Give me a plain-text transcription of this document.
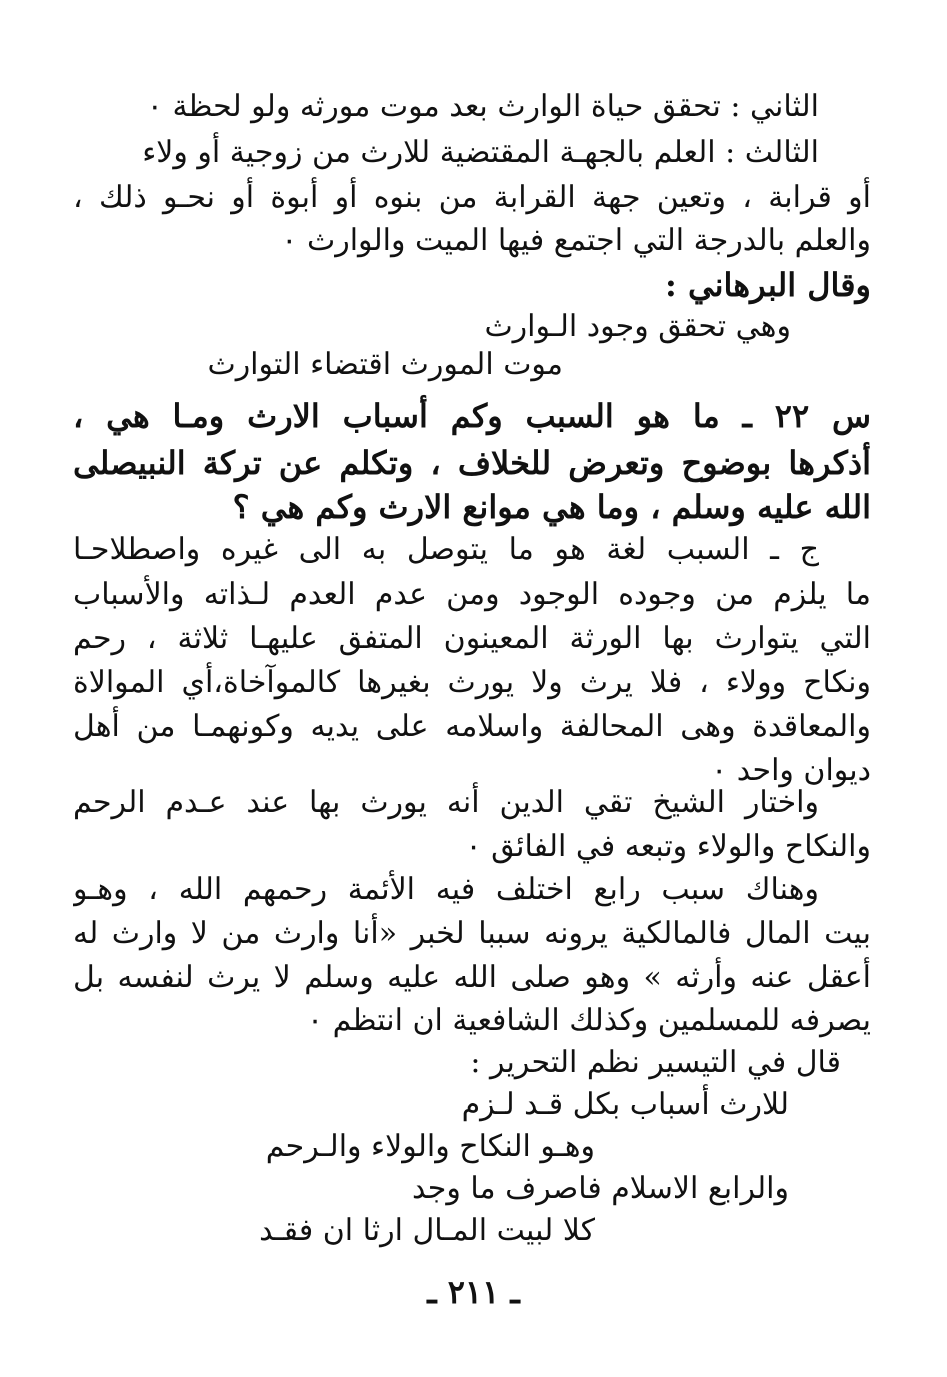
الثاني : تحقق حياة الوارث بعد موت مورثه ولو لحظة ٠
الثالث : العلم بالجهـة المقتضية للارث من زوجية أو ولاء
أو قرابة ، وتعين جهة القرابة من بنوه أو أبوة أو نحـو ذلك ،
والعلم بالدرجة التي اجتمع فيها الميت والوارث ٠
وقال البرهاني :
وهي تحقق وجود الـوارث
موت المورث اقتضاء التوارث
س ٢٢ ـ ما هو السبب وكم أسباب الارث ومـا هي ،
أذكرها بوضوح وتعرض للخلاف ، وتكلم عن تركة النبيصلى
الله عليه وسلم ، وما هي موانع الارث وكم هي ؟
ج ـ السبب لغة هو ما يتوصل به الى غيره واصطلاحـا
ما يلزم من وجوده الوجود ومن عدم العدم لـذاته والأسباب
التي يتوارث بها الورثة المعينون المتفق عليهـا ثلاثة ، رحم
ونكاح وولاء ، فلا يرث ولا يورث بغيرها كالموآخاة،أي الموالاة
والمعاقدة وهى المحالفة واسلامه على يديه وكونهمـا من أهل
ديوان واحد ٠
واختار الشيخ تقي الدين أنه يورث بها عند عـدم الرحم
والنكاح والولاء وتبعه في الفائق ٠
وهناك سبب رابع اختلف فيه الأئمة رحمهم الله ، وهـو
بيت المال فالمالكية يرونه سببا لخبر «أنا وارث من لا وارث له
أعقل عنه وأرثه » وهو صلى الله عليه وسلم لا يرث لنفسه بل
يصرفه للمسلمين وكذلك الشافعية ان انتظم ٠
قال في التيسير نظم التحرير :
للارث أسباب بكل قـد لـزم
وهـو النكاح والولاء والـرحم
والرابع الاسلام فاصرف ما وجد
كلا لبيت المـال ارثا ان فقـد
ـ ٢١١ ـ
